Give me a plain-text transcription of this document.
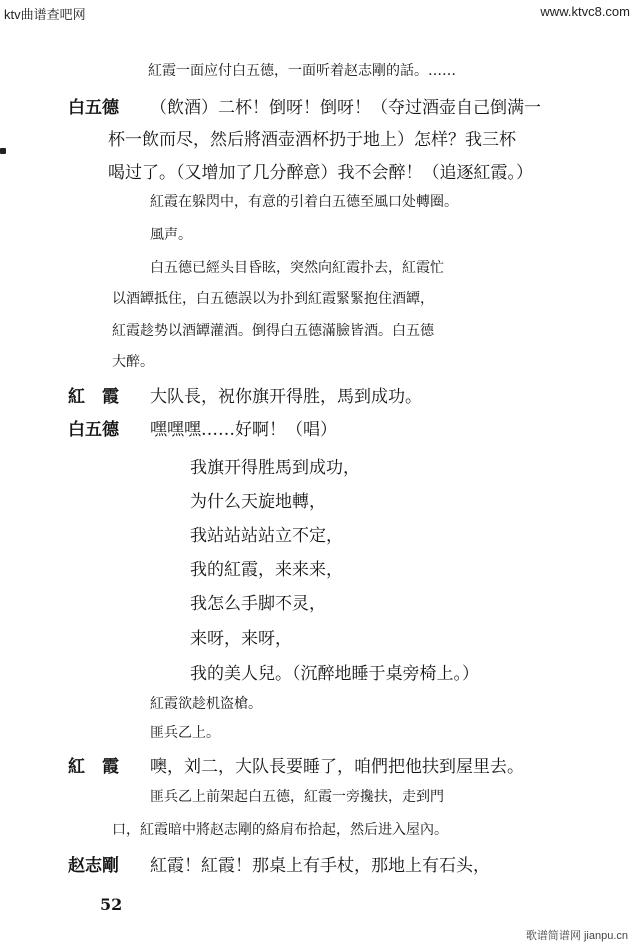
ktv曲谱查吧网	www.ktvc8.com
紅霞一面应付白五德，一面听着赵志剛的話。……
白五德 （飲酒）二杯！倒呀！倒呀！（夺过酒壶自己倒满一
杯一飲而尽，然后將酒壶酒杯扔于地上）怎样？我三杯
喝过了。（又增加了几分醉意）我不会醉！（追逐紅霞。）
紅霞在躲閃中，有意的引着白五德至風口处轉圈。
風声。
白五德已經头目昏眩，突然向紅霞扑去，紅霞忙
以酒罈抵住，白五德誤以为扑到紅霞緊緊抱住酒罈，
紅霞趁势以酒罈灌酒。倒得白五德滿臉皆酒。白五德
大醉。
紅　霞 大队長，祝你旗开得胜，馬到成功。
白五德 嘿嘿嘿……好啊！（唱）
我旗开得胜馬到成功，
为什么天旋地轉，
我站站站站立不定，
我的紅霞，来来来，
我怎么手脚不灵，
来呀，来呀，
我的美人兒。（沉醉地睡于桌旁椅上。）
紅霞欲趁机盗槍。
匪兵乙上。
紅　霞 噢，刘二，大队長要睡了，咱們把他扶到屋里去。
匪兵乙上前架起白五德，紅霞一旁攙扶，走到門
口，紅霞暗中將赵志剛的絡肩布拾起，然后进入屋內。
赵志剛 紅霞！紅霞！那桌上有手杖，那地上有石头，
52
歌谱简谱网 jianpu.cn
